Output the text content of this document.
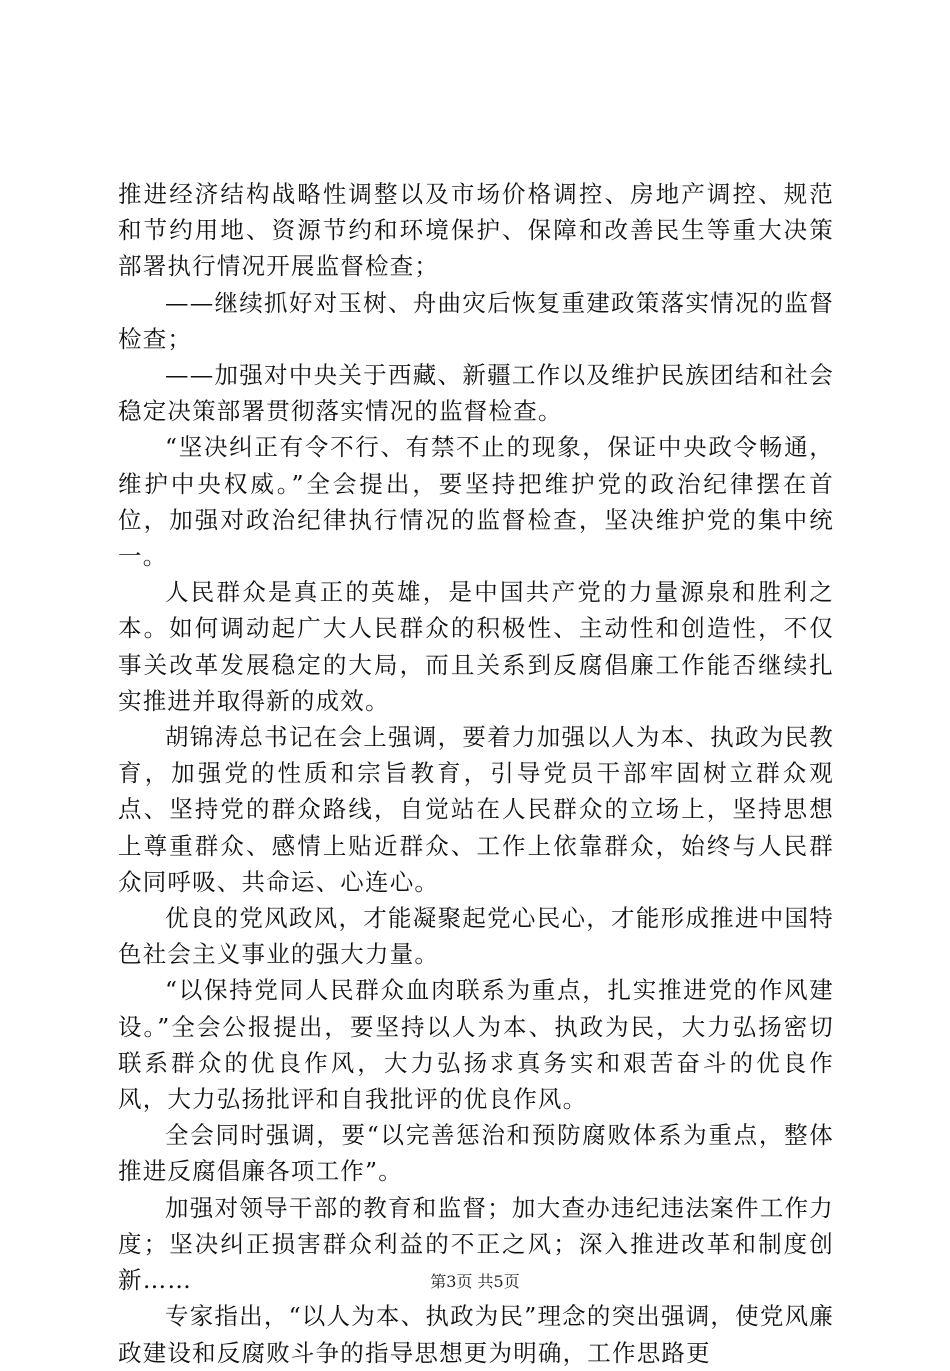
推进经济结构战略性调整以及市场价格调控、房地产调控、规范和节约用地、资源节约和环境保护、保障和改善民生等重大决策部署执行情况开展监督检查；

——继续抓好对玉树、舟曲灾后恢复重建政策落实情况的监督检查；

——加强对中央关于西藏、新疆工作以及维护民族团结和社会稳定决策部署贯彻落实情况的监督检查。

“坚决纠正有令不行、有禁不止的现象，保证中央政令畅通，维护中央权威。”全会提出，要坚持把维护党的政治纪律摆在首位，加强对政治纪律执行情况的监督检查，坚决维护党的集中统一。

人民群众是真正的英雄，是中国共产党的力量源泉和胜利之本。如何调动起广大人民群众的积极性、主动性和创造性，不仅事关改革发展稳定的大局，而且关系到反腐倡廉工作能否继续扎实推进并取得新的成效。

胡锦涛总书记在会上强调，要着力加强以人为本、执政为民教育，加强党的性质和宗旨教育，引导党员干部牢固树立群众观点、坚持党的群众路线，自觉站在人民群众的立场上，坚持思想上尊重群众、感情上贴近群众、工作上依靠群众，始终与人民群众同呼吸、共命运、心连心。

优良的党风政风，才能凝聚起党心民心，才能形成推进中国特色社会主义事业的强大力量。

“以保持党同人民群众血肉联系为重点，扎实推进党的作风建设。”全会公报提出，要坚持以人为本、执政为民，大力弘扬密切联系群众的优良作风，大力弘扬求真务实和艰苦奋斗的优良作风，大力弘扬批评和自我批评的优良作风。

全会同时强调，要“以完善惩治和预防腐败体系为重点，整体推进反腐倡廉各项工作”。

加强对领导干部的教育和监督；加大查办违纪违法案件工作力度；坚决纠正损害群众利益的不正之风；深入推进改革和制度创新……

专家指出，“以人为本、执政为民”理念的突出强调，使党风廉政建设和反腐败斗争的指导思想更为明确，工作思路更

第3页 共5页
